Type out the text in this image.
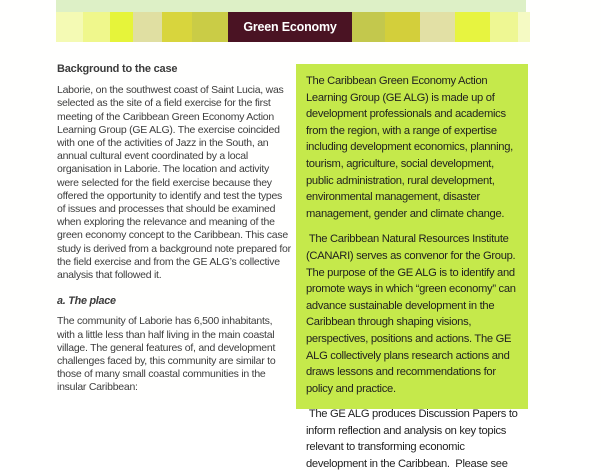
Green Economy
Background to the case

Laborie, on the southwest coast of Saint Lucia, was selected as the site of a field exercise for the first meeting of the Caribbean Green Economy Action Learning Group (GE ALG). The exercise coincided with one of the activities of Jazz in the South, an annual cultural event coordinated by a local organisation in Laborie. The location and activity were selected for the field exercise because they offered the opportunity to identify and test the types of issues and processes that should be examined when exploring the relevance and meaning of the green economy concept to the Caribbean. This case study is derived from a background note prepared for the field exercise and from the GE ALG’s collective analysis that followed it.

a. The place

The community of Laborie has 6,500 inhabitants, with a little less than half living in the main coastal village. The general features of, and development challenges faced by, this community are similar to those of many small coastal communities in the insular Caribbean:

The Caribbean Green Economy Action Learning Group (GE ALG) is made up of development professionals and academics from the region, with a range of expertise including development economics, planning, tourism, agriculture, social development, public administration, rural development, environmental management, disaster management, gender and climate change.

The Caribbean Natural Resources Institute (CANARI) serves as convenor for the Group. The purpose of the GE ALG is to identify and promote ways in which “green economy” can advance sustainable development in the Caribbean through shaping visions, perspectives, positions and actions. The GE ALG collectively plans research actions and draws lessons and recommendations for policy and practice.

The GE ALG produces Discussion Papers to inform reflection and analysis on key topics relevant to transforming economic development in the Caribbean.  Please see
